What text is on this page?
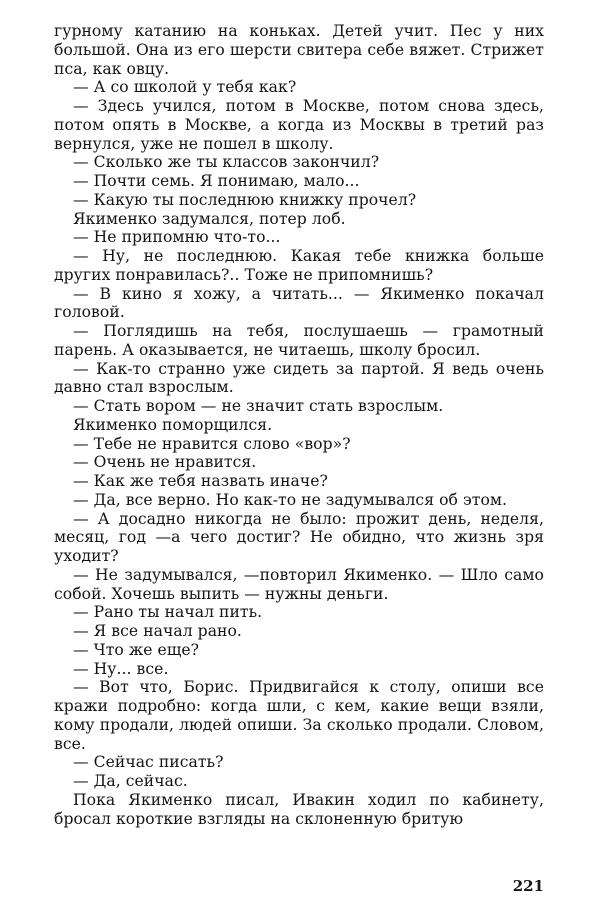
гурному катанию на коньках. Детей учит. Пес у них большой. Она из его шерсти свитера себе вяжет. Стрижет пса, как овцу.

— А со школой у тебя как?

— Здесь учился, потом в Москве, потом снова здесь, потом опять в Москве, а когда из Москвы в третий раз вернулся, уже не пошел в школу.

— Сколько же ты классов закончил?

— Почти семь. Я понимаю, мало...

— Какую ты последнюю книжку прочел?

Якименко задумался, потер лоб.

— Не припомню что-то...

— Ну, не последнюю. Какая тебе книжка больше других понравилась?.. Тоже не припомнишь?

— В кино я хожу, а читать... — Якименко покачал головой.

— Поглядишь на тебя, послушаешь — грамотный парень. А оказывается, не читаешь, школу бросил.

— Как-то странно уже сидеть за партой. Я ведь очень давно стал взрослым.

— Стать вором — не значит стать взрослым.

Якименко поморщился.

— Тебе не нравится слово «вор»?

— Очень не нравится.

— Как же тебя назвать иначе?

— Да, все верно. Но как-то не задумывался об этом.

— А досадно никогда не было: прожит день, неделя, месяц, год —а чего достиг? Не обидно, что жизнь зря уходит?

— Не задумывался, —повторил Якименко. — Шло само собой. Хочешь выпить — нужны деньги.

— Рано ты начал пить.

— Я все начал рано.

— Что же еще?

— Ну... все.

— Вот что, Борис. Придвигайся к столу, опиши все кражи подробно: когда шли, с кем, какие вещи взяли, кому продали, людей опиши. За сколько продали. Словом, все.

— Сейчас писать?

— Да, сейчас.

Пока Якименко писал, Ивакин ходил по кабинету, бросал короткие взгляды на склоненную бритую

221
